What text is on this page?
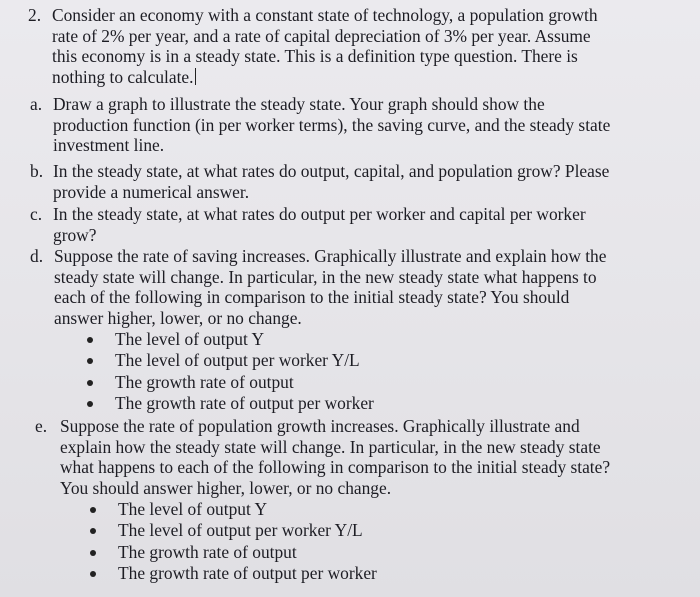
2. Consider an economy with a constant state of technology, a population growth
rate of 2% per year, and a rate of capital depreciation of 3% per year. Assume
this economy is in a steady state. This is a definition type question. There is
nothing to calculate.
a. Draw a graph to illustrate the steady state. Your graph should show the
production function (in per worker terms), the saving curve, and the steady state
investment line.
b. In the steady state, at what rates do output, capital, and population grow? Please
provide a numerical answer.
c. In the steady state, at what rates do output per worker and capital per worker
grow?
d. Suppose the rate of saving increases. Graphically illustrate and explain how the
steady state will change. In particular, in the new steady state what happens to
each of the following in comparison to the initial steady state? You should
answer higher, lower, or no change.
The level of output Y
The level of output per worker Y/L
The growth rate of output
The growth rate of output per worker
e. Suppose the rate of population growth increases. Graphically illustrate and
explain how the steady state will change. In particular, in the new steady state
what happens to each of the following in comparison to the initial steady state?
You should answer higher, lower, or no change.
The level of output Y
The level of output per worker Y/L
The growth rate of output
The growth rate of output per worker
